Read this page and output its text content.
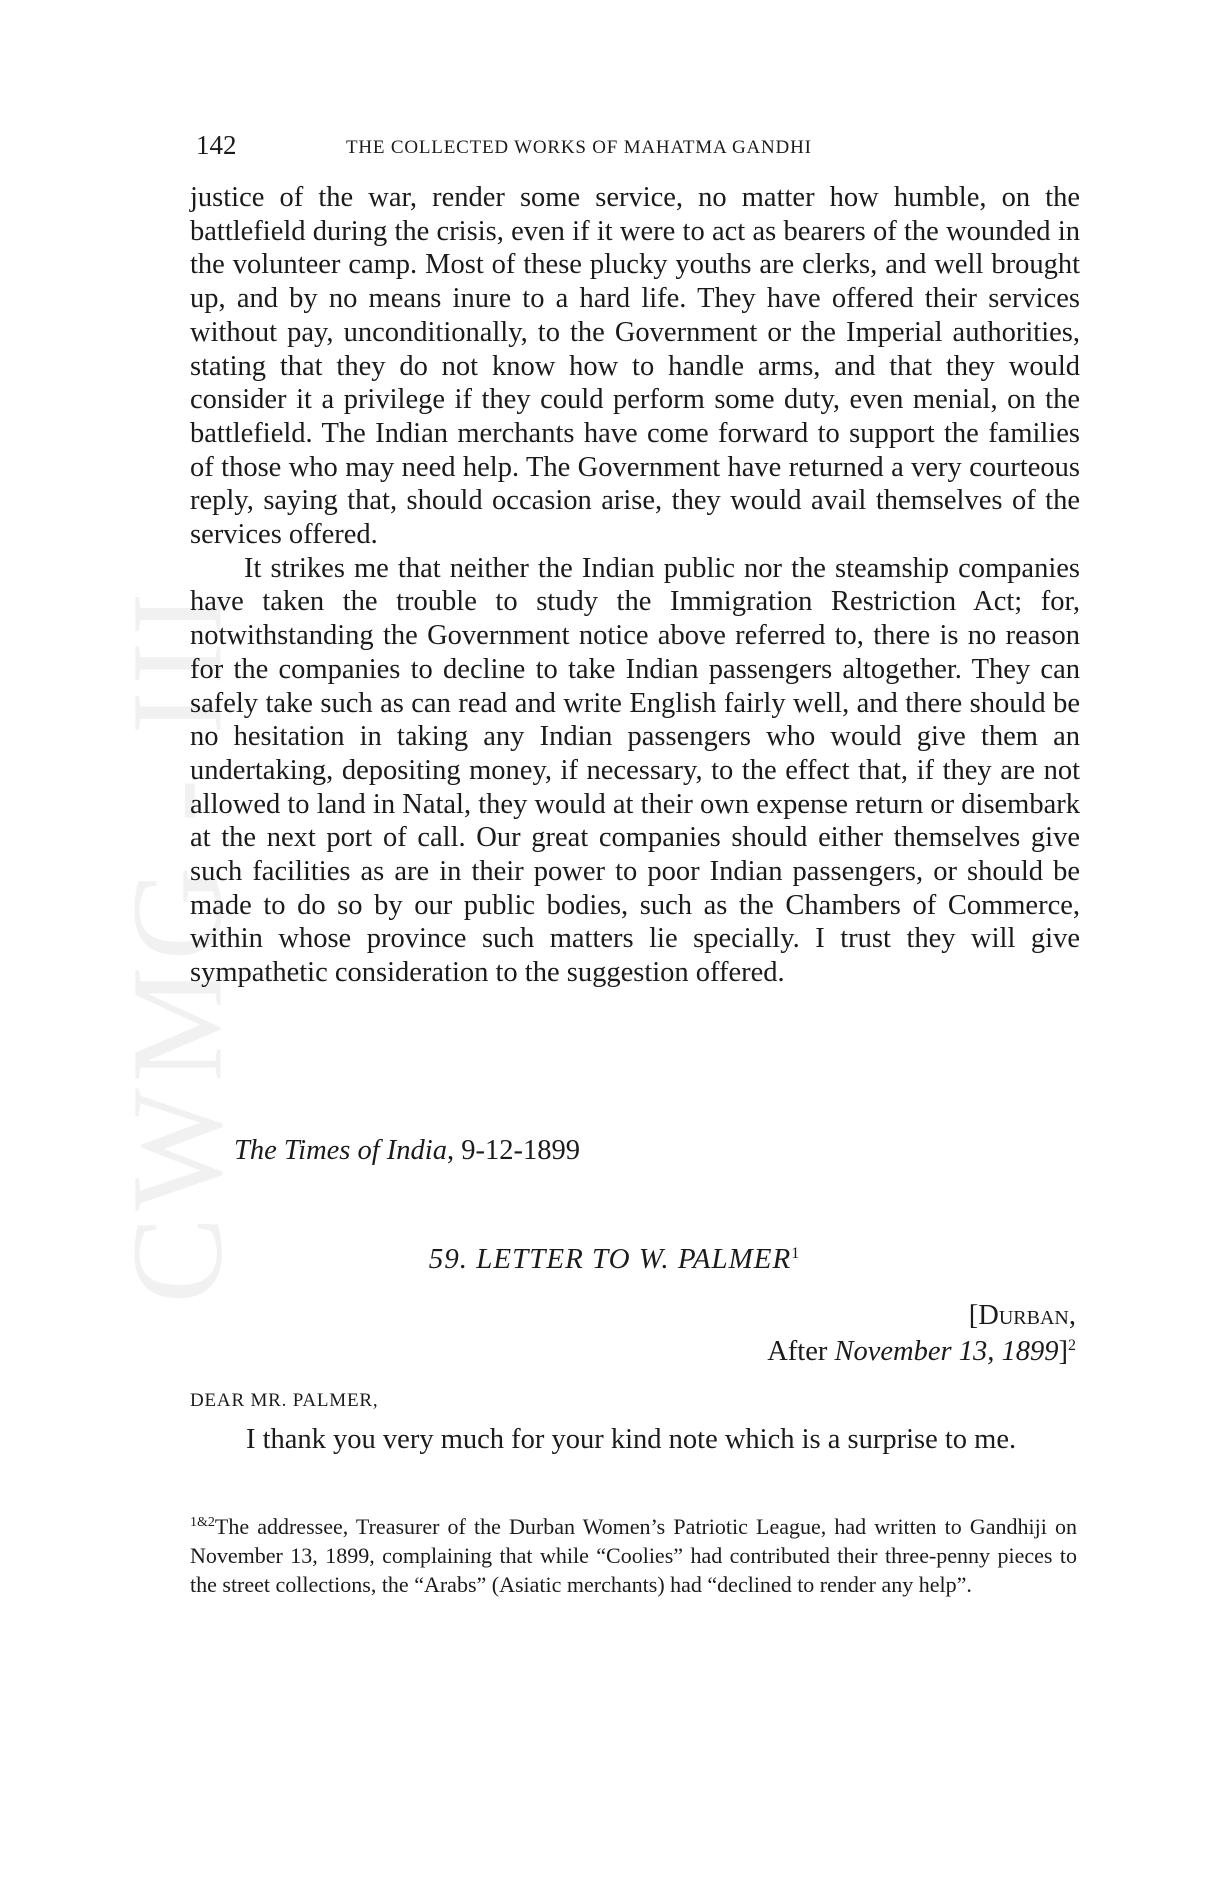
CWMG - III
142	THE COLLECTED WORKS OF MAHATMA GANDHI

justice of the war, render some service, no matter how humble, on the battlefield during the crisis, even if it were to act as bearers of the wounded in the volunteer camp. Most of these plucky youths are clerks, and well brought up, and by no means inure to a hard life. They have offered their services without pay, unconditionally, to the Government or the Imperial authorities, stating that they do not know how to handle arms, and that they would consider it a privilege if they could perform some duty, even menial, on the battlefield. The Indian merchants have come forward to support the families of those who may need help. The Government have returned a very courteous reply, saying that, should occasion arise, they would avail themselves of the services offered.

It strikes me that neither the Indian public nor the steamship companies have taken the trouble to study the Immigration Restriction Act; for, notwithstanding the Government notice above referred to, there is no reason for the companies to decline to take Indian passengers altogether. They can safely take such as can read and write English fairly well, and there should be no hesitation in taking any Indian passengers who would give them an undertaking, depositing money, if necessary, to the effect that, if they are not allowed to land in Natal, they would at their own expense return or disembark at the next port of call. Our great companies should either themselves give such facilities as are in their power to poor Indian passengers, or should be made to do so by our public bodies, such as the Chambers of Commerce, within whose province such matters lie specially. I trust they will give sympathetic consideration to the suggestion offered.

The Times of India, 9-12-1899
59. LETTER TO W. PALMER$^1$
[Durban,
After November 13, 1899]$^2$
DEAR MR. PALMER,
I thank you very much for your kind note which is a surprise to me.
$^{1\&2}$The addressee, Treasurer of the Durban Women’s Patriotic League, had written to Gandhiji on November 13, 1899, complaining that while “Coolies” had contributed their three-penny pieces to the street collections, the “Arabs” (Asiatic merchants) had “declined to render any help”.
